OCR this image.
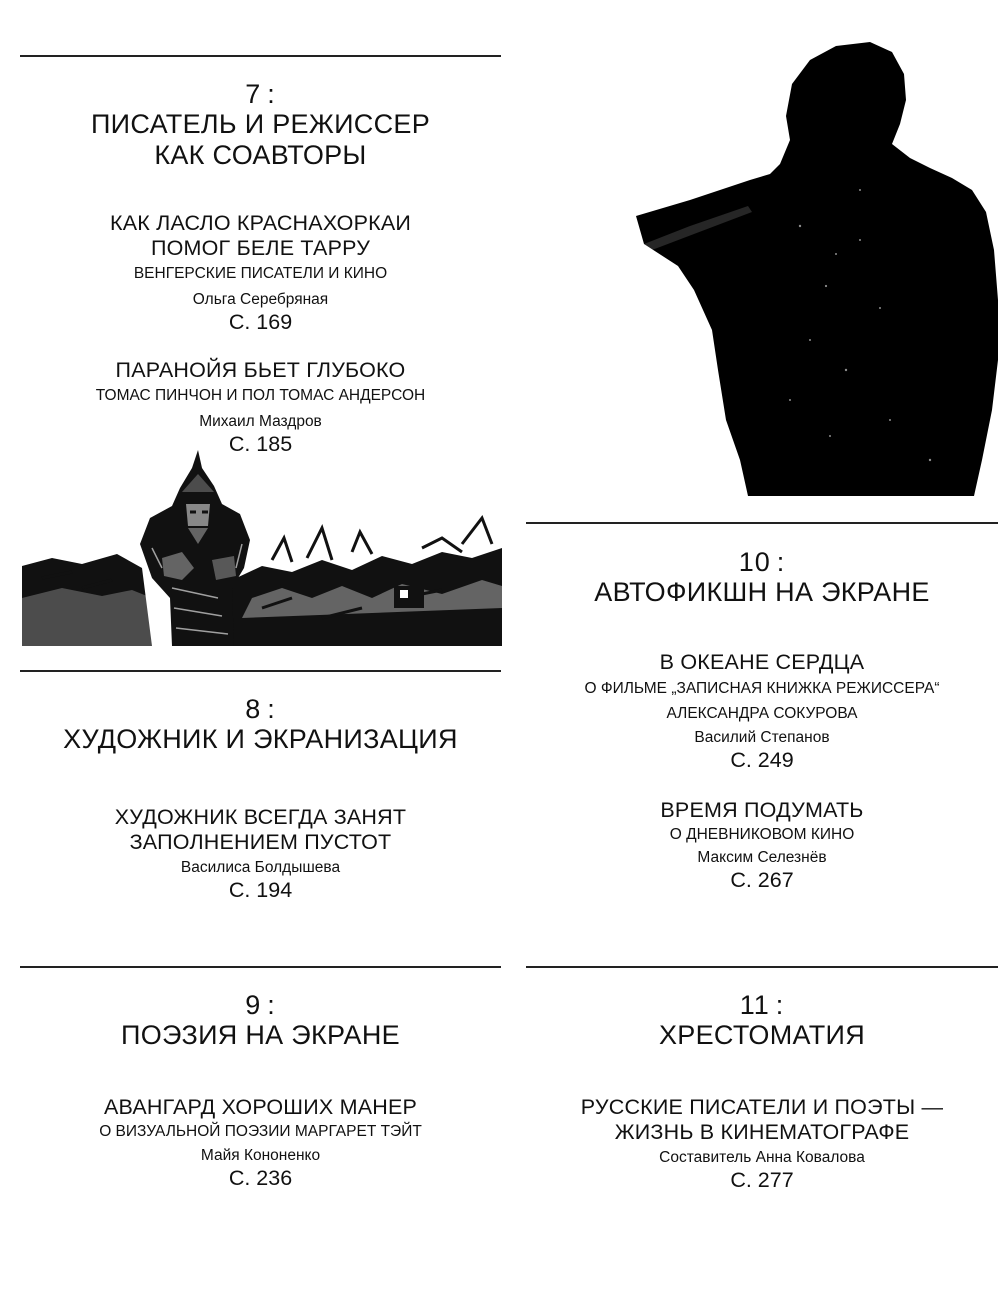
7 :
ПИСАТЕЛЬ И РЕЖИССЕР
КАК СОАВТОРЫ
КАК ЛАСЛО КРАСНАХОРКАИ
ПОМОГ БЕЛЕ ТАРРУ
ВЕНГЕРСКИЕ ПИСАТЕЛИ И КИНО
Ольга Серебряная
С. 169
ПАРАНОЙЯ БЬЕТ ГЛУБОКО
ТОМАС ПИНЧОН И ПОЛ ТОМАС АНДЕРСОН
Михаил Маздров
С. 185
8 :
ХУДОЖНИК И ЭКРАНИЗАЦИЯ
ХУДОЖНИК ВСЕГДА ЗАНЯТ
ЗАПОЛНЕНИЕМ ПУСТОТ
Василиса Болдышева
С. 194
9 :
ПОЭЗИЯ НА ЭКРАНЕ
АВАНГАРД ХОРОШИХ МАНЕР
О ВИЗУАЛЬНОЙ ПОЭЗИИ МАРГАРЕТ ТЭЙТ
Майя Кононенко
С. 236
10 :
АВТОФИКШН НА ЭКРАНЕ
В ОКЕАНЕ СЕРДЦА
О ФИЛЬМЕ „ЗАПИСНАЯ КНИЖКА РЕЖИССЕРА“
АЛЕКСАНДРА СОКУРОВА
Василий Степанов
С. 249
ВРЕМЯ ПОДУМАТЬ
О ДНЕВНИКОВОМ КИНО
Максим Селезнёв
С. 267
11 :
ХРЕСТОМАТИЯ
РУССКИЕ ПИСАТЕЛИ И ПОЭТЫ —
ЖИЗНЬ В КИНЕМАТОГРАФЕ
Составитель Анна Ковалова
С. 277
